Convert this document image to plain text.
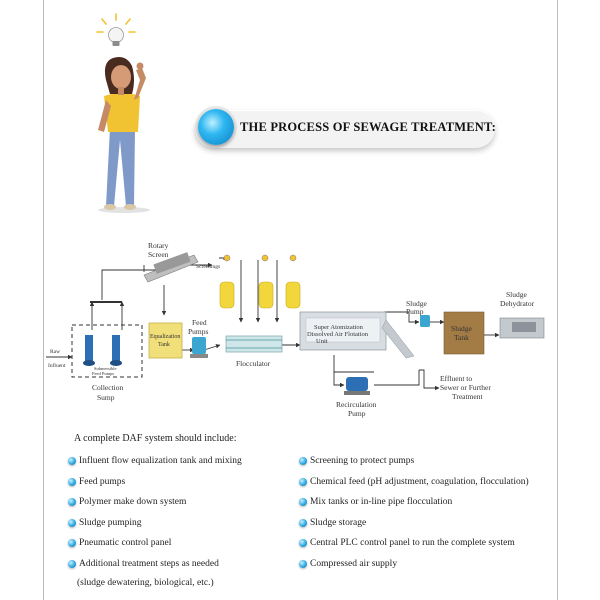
THE PROCESS OF SEWAGE TREATMENT:
Rotary
Screen
Screenings
Raw
Influent	Submersible
Feed Pumps
Collection
Sump
Equalization
Tank
Feed
Pumps
Flocculator
Super Atomization
Dissolved Air Flotation
Unit
Sludge
Pump
Sludge
Tank
Sludge
Dehydrator
Recirculation
Pump
Effluent to
Sewer or Further
Treatment
A complete DAF system should include:
Influent flow equalization tank and mixing
Feed pumps
Polymer make down system
Sludge pumping
Pneumatic control panel
Additional treatment steps as needed
(sludge dewatering, biological, etc.)
Screening to protect pumps
Chemical feed (pH adjustment, coagulation, flocculation)
Mix tanks or in-line pipe flocculation
Sludge storage
Central PLC control panel to run the complete system
Compressed air supply
